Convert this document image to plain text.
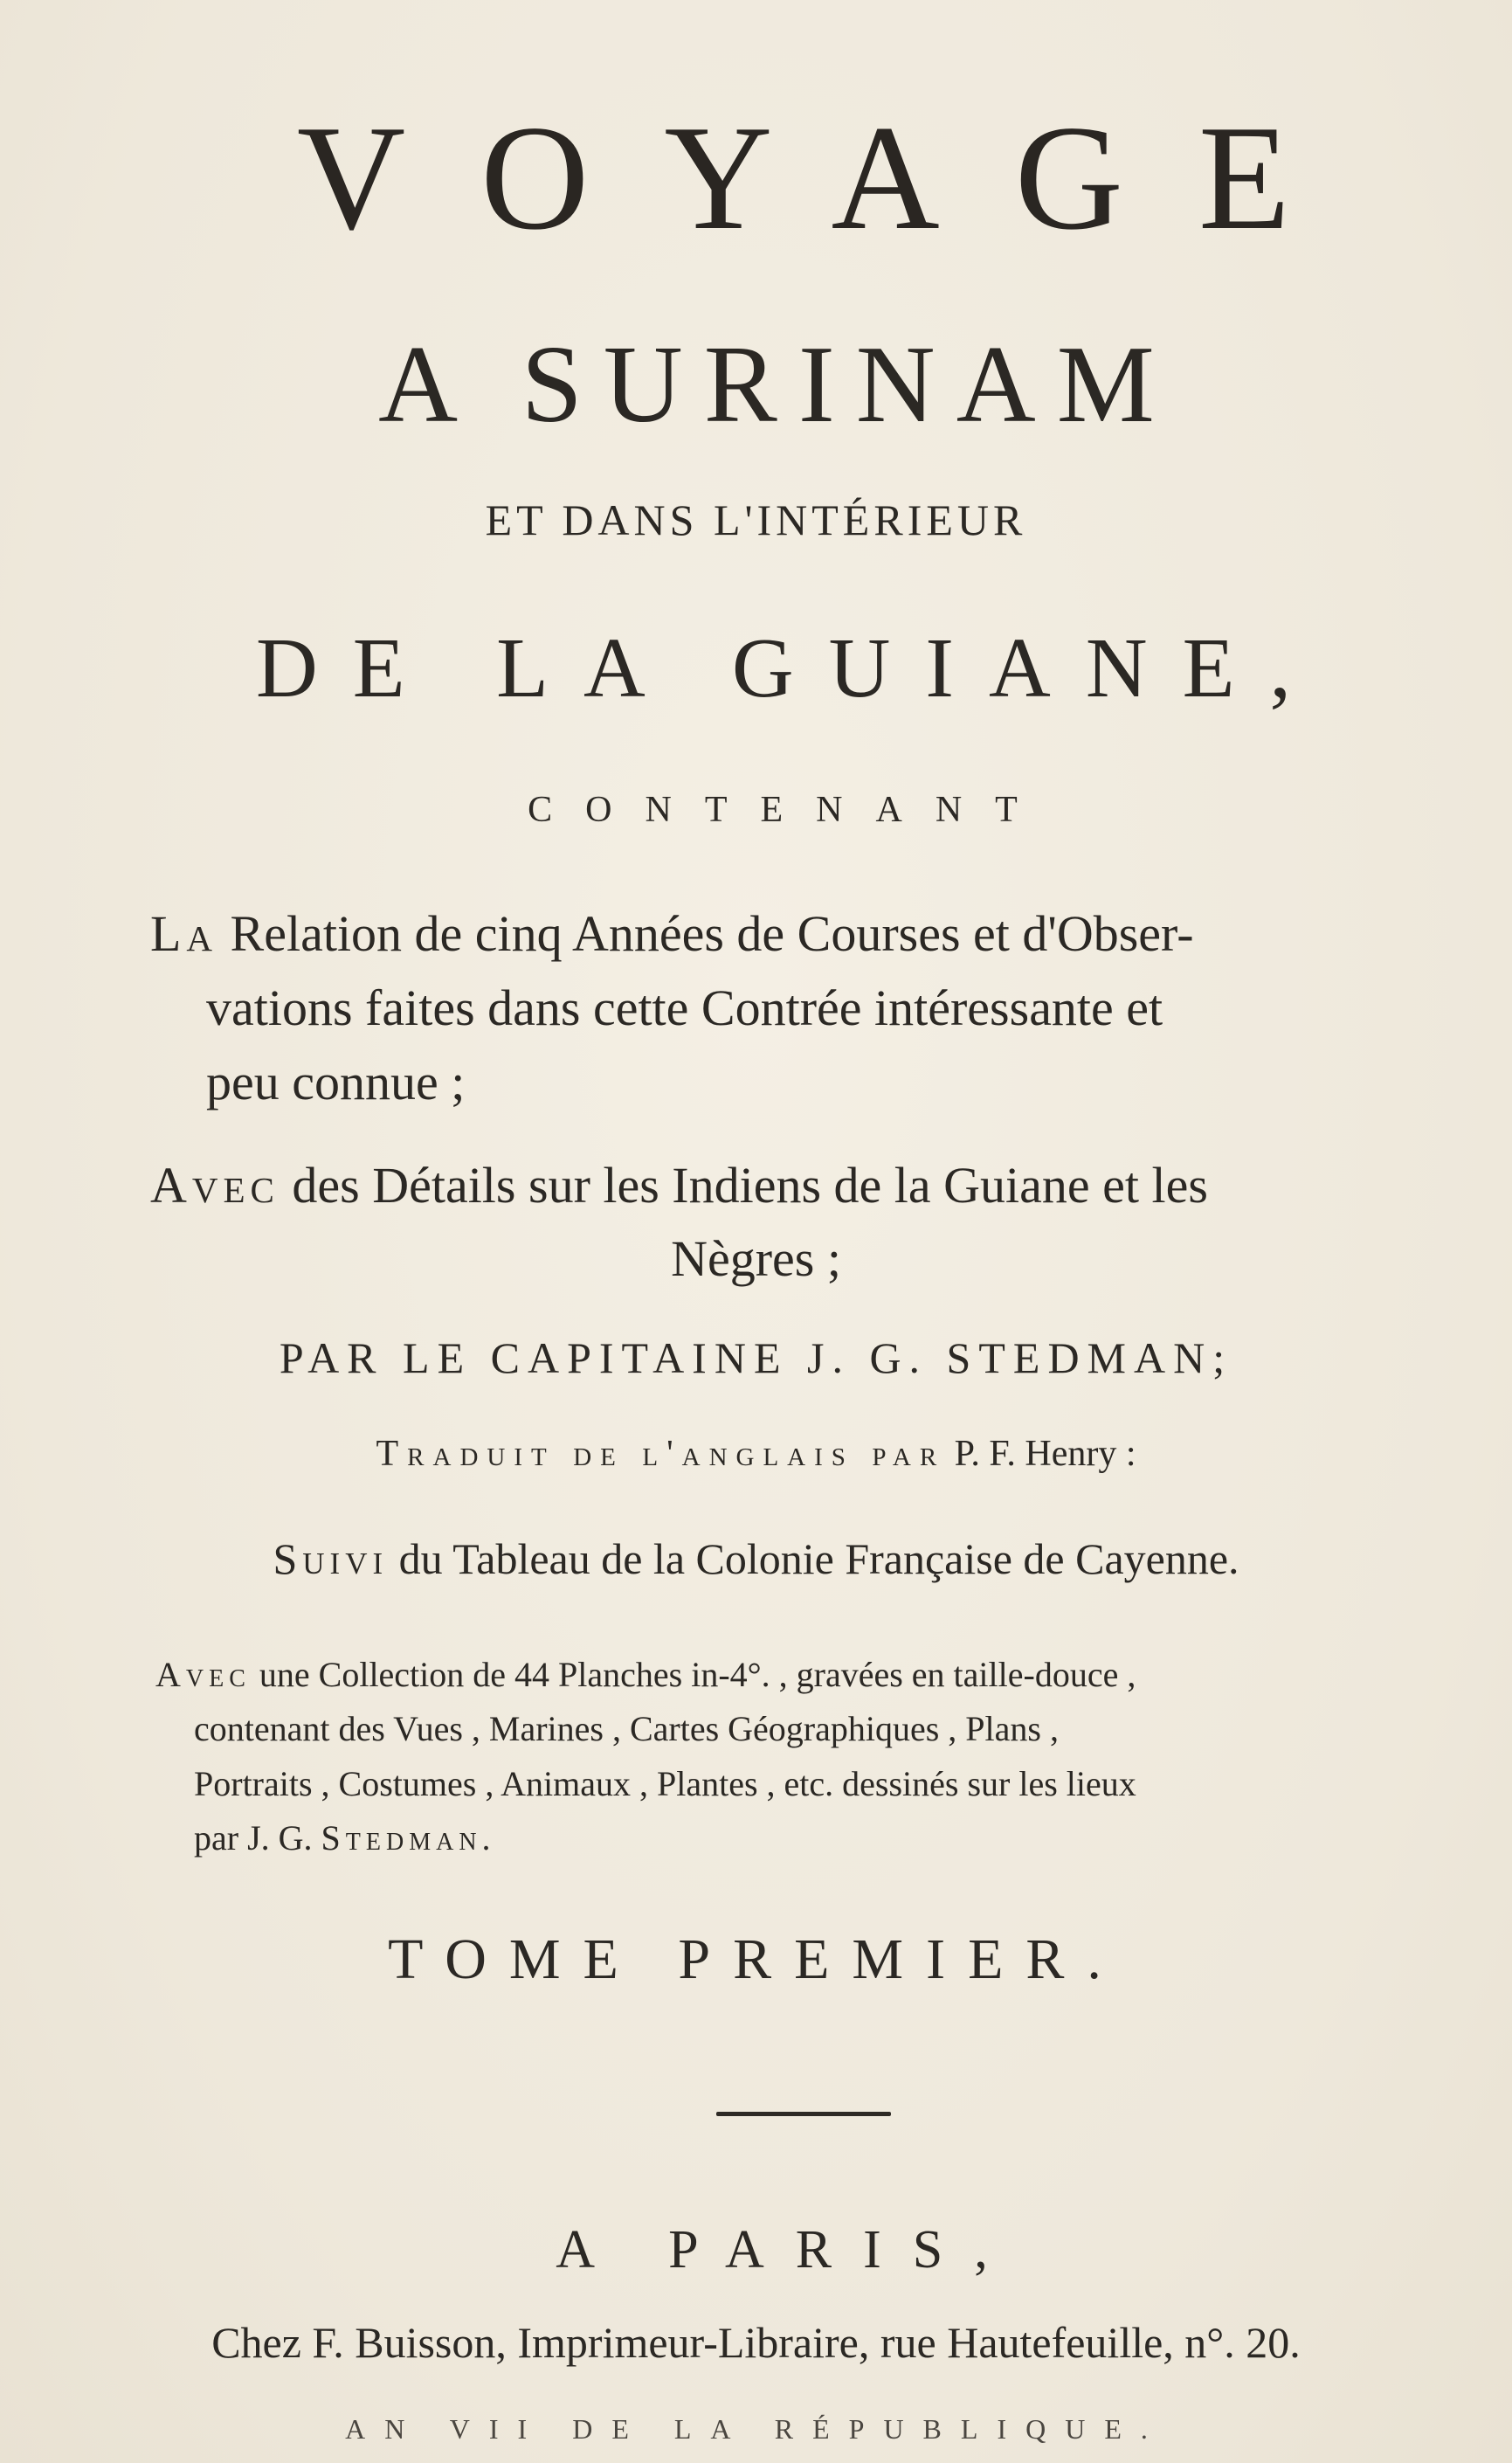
VOYAGE
A SURINAM
ET DANS L'INTÉRIEUR
DE LA GUIANE,
CONTENANT
La Relation de cinq Années de Courses et d'Obser-
vations faites dans cette Contrée intéressante et
peu connue ;
Avec des Détails sur les Indiens de la Guiane et les
Nègres ;
PAR LE CAPITAINE J. G. STEDMAN;
Traduit de l'anglais par P. F. Henry :
Suivi du Tableau de la Colonie Française de Cayenne.
Avec une Collection de 44 Planches in-4°. , gravées en taille-douce ,
contenant des Vues , Marines , Cartes Géographiques , Plans ,
Portraits , Costumes , Animaux , Plantes , etc. dessinés sur les lieux
par J. G. Stedman.
TOME PREMIER.
A PARIS,
Chez F. Buisson, Imprimeur-Libraire, rue Hautefeuille, n°. 20.
AN VII DE LA RÉPUBLIQUE.
